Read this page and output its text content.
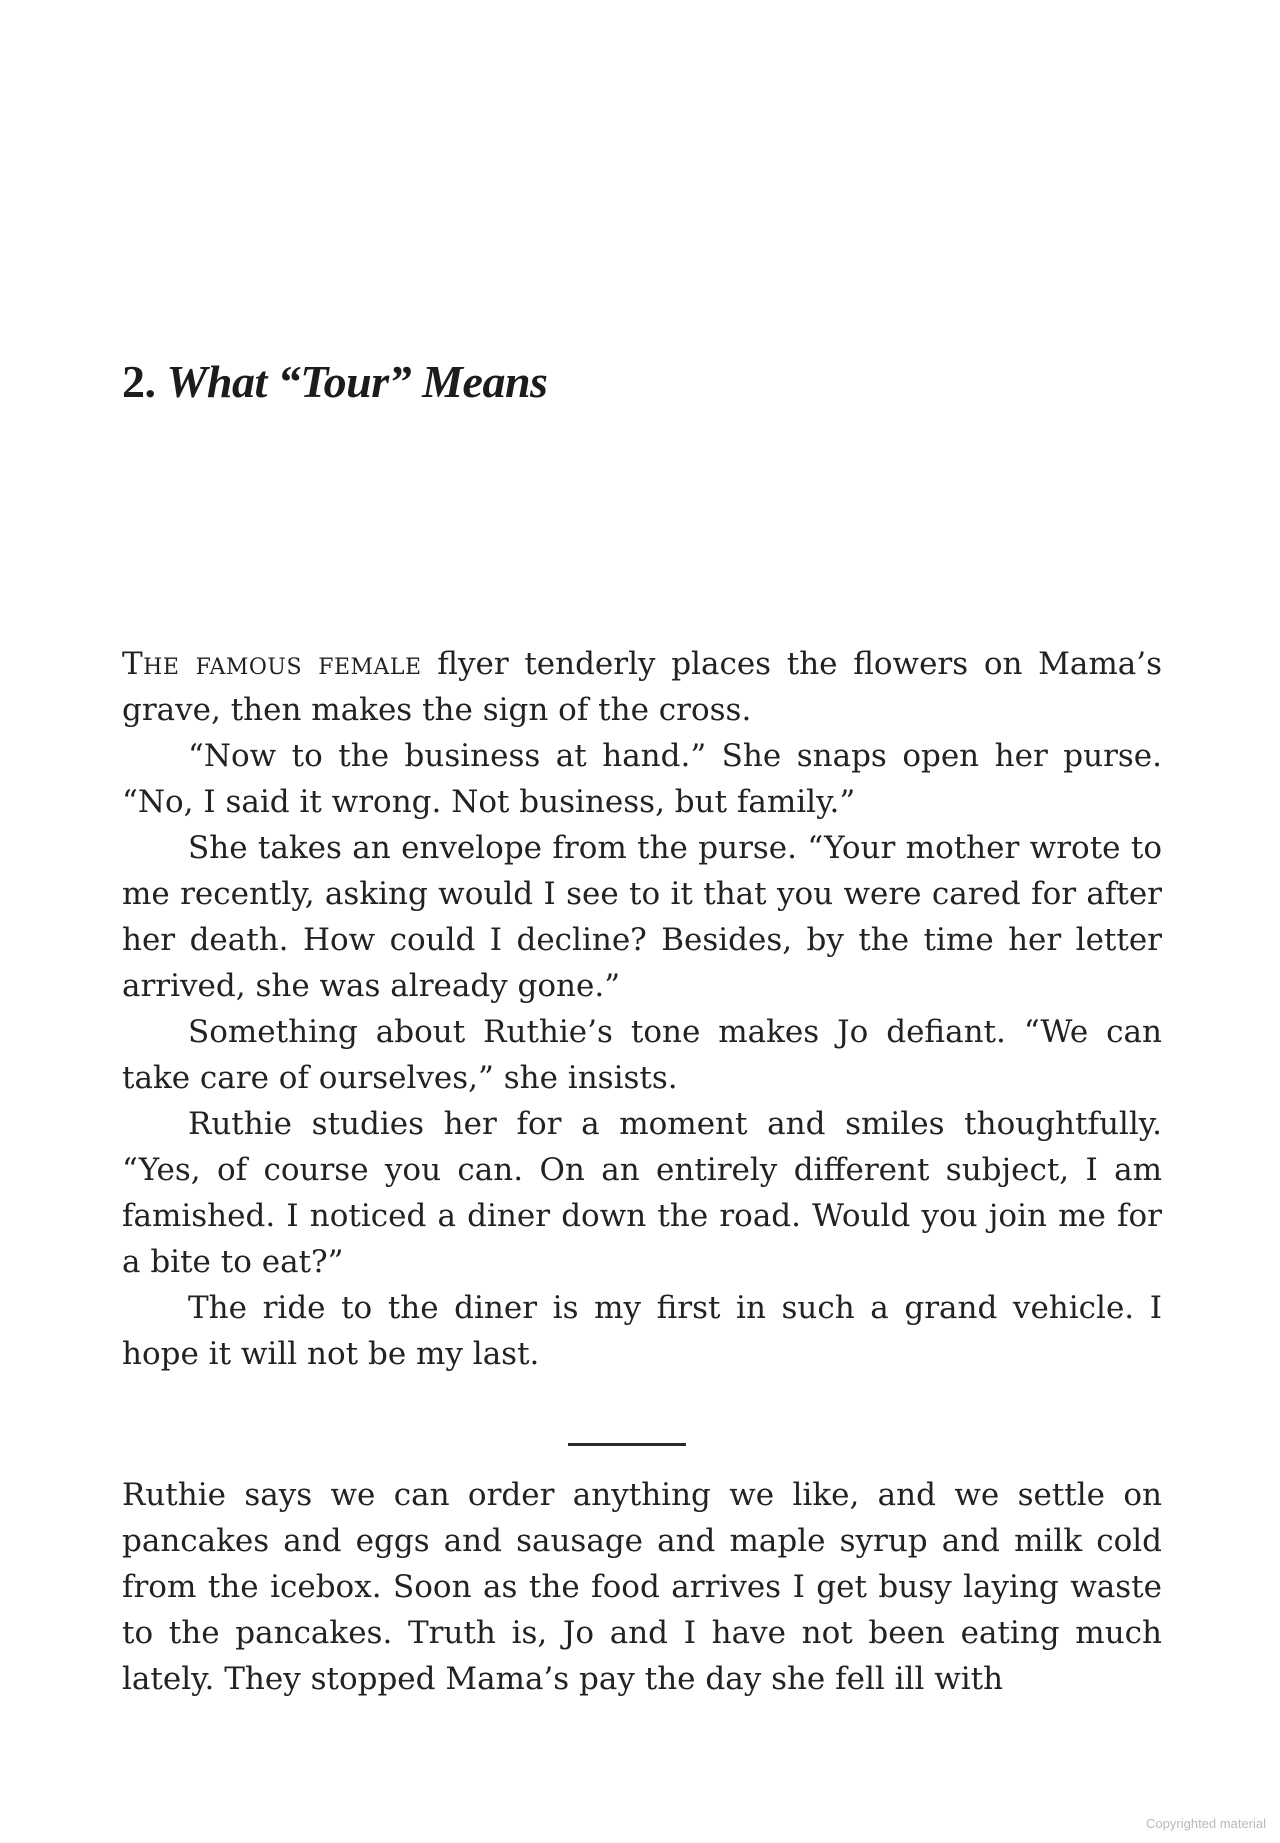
2. What “Tour” Means

The famous female flyer tenderly places the flowers on Mama’s grave, then makes the sign of the cross.

“Now to the business at hand.” She snaps open her purse. “No, I said it wrong. Not business, but family.”

She takes an envelope from the purse. “Your mother wrote to me recently, asking would I see to it that you were cared for after her death. How could I decline? Besides, by the time her letter arrived, she was already gone.”

Something about Ruthie’s tone makes Jo defiant. “We can take care of ourselves,” she insists.

Ruthie studies her for a moment and smiles thoughtfully. “Yes, of course you can. On an entirely different subject, I am famished. I noticed a diner down the road. Would you join me for a bite to eat?”

The ride to the diner is my first in such a grand vehicle. I hope it will not be my last.

Ruthie says we can order anything we like, and we settle on pancakes and eggs and sausage and maple syrup and milk cold from the icebox. Soon as the food arrives I get busy laying waste to the pancakes. Truth is, Jo and I have not been eating much lately. They stopped Mama’s pay the day she fell ill with

Copyrighted material
